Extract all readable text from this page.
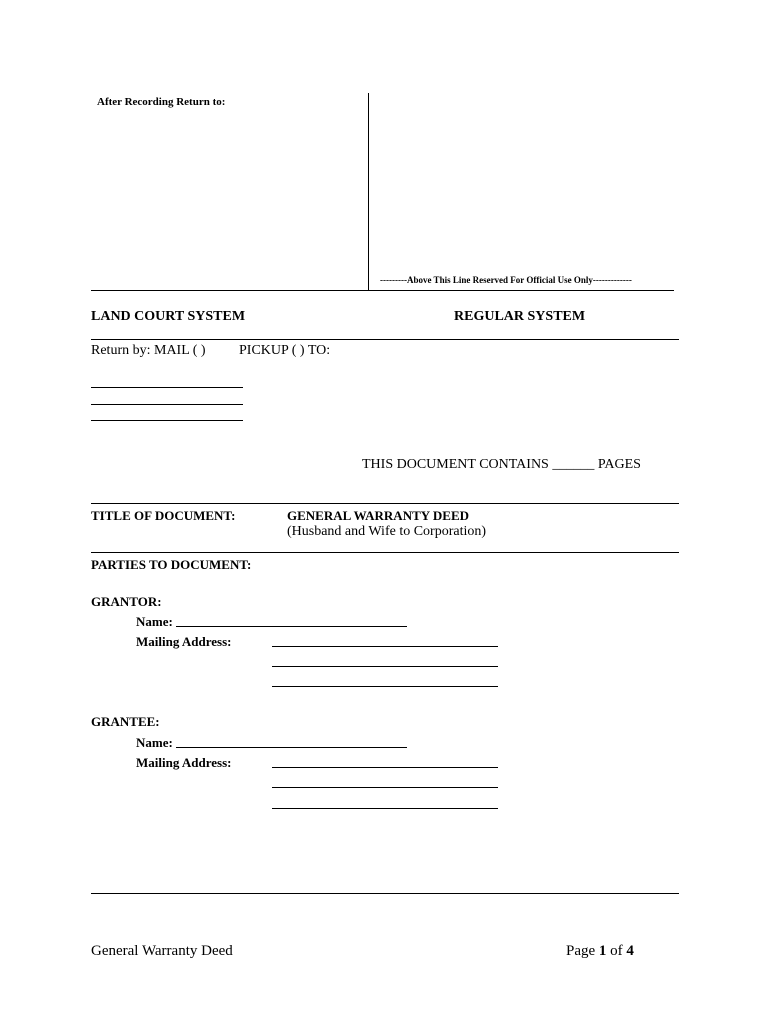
After Recording Return to:
---------Above This Line Reserved For Official Use Only-------------
LAND COURT SYSTEM	REGULAR SYSTEM
Return by: MAIL ( ) PICKUP ( ) TO:
THIS DOCUMENT CONTAINS ______ PAGES
TITLE OF DOCUMENT:	GENERAL WARRANTY DEED
(Husband and Wife to Corporation)
PARTIES TO DOCUMENT:
GRANTOR:
Name:
Mailing Address:
GRANTEE:
Name:
Mailing Address:
General Warranty Deed	Page 1 of 4
